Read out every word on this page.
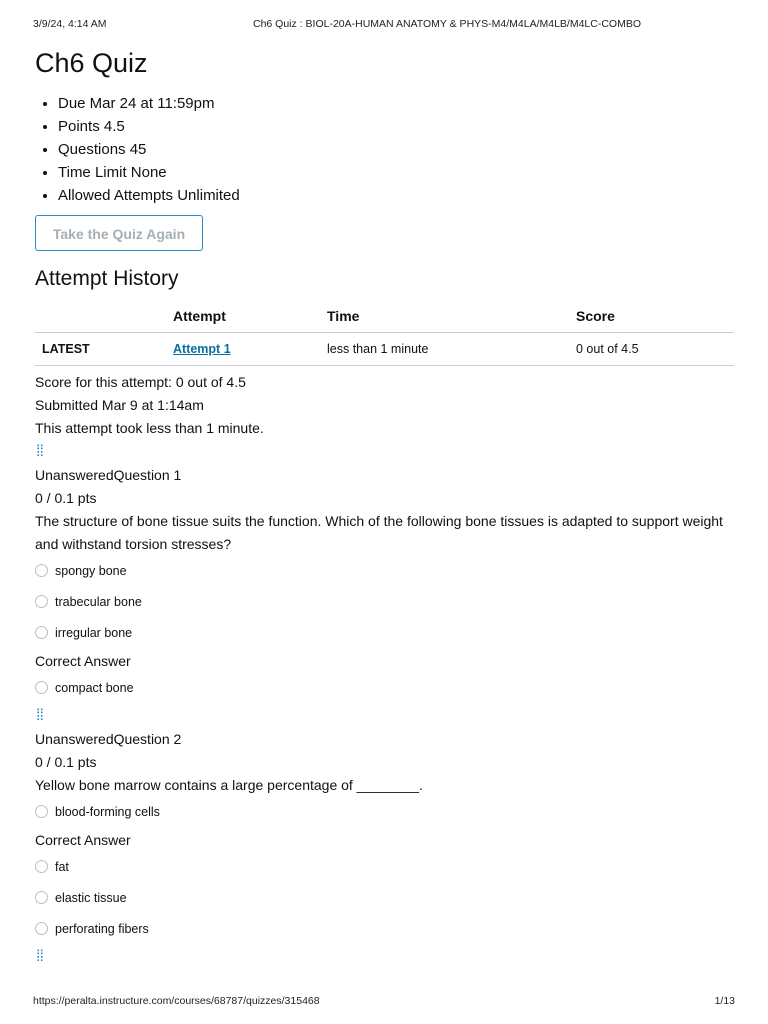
3/9/24, 4:14 AM	Ch6 Quiz : BIOL-20A-HUMAN ANATOMY & PHYS-M4/M4LA/M4LB/M4LC-COMBO
Ch6 Quiz
• Due Mar 24 at 11:59pm
• Points 4.5
• Questions 45
• Time Limit None
• Allowed Attempts Unlimited
Take the Quiz Again
Attempt History
	Attempt	Time	Score
LATEST	Attempt 1	less than 1 minute	0 out of 4.5
Score for this attempt: 0 out of 4.5
Submitted Mar 9 at 1:14am
This attempt took less than 1 minute.
⁞⁞
UnansweredQuestion 1
0 / 0.1 pts
The structure of bone tissue suits the function. Which of the following bone tissues is adapted to support weight and withstand torsion stresses?
spongy bone
trabecular bone
irregular bone
Correct Answer
compact bone
⁞⁞
UnansweredQuestion 2
0 / 0.1 pts
Yellow bone marrow contains a large percentage of ________.
blood-forming cells
Correct Answer
fat
elastic tissue
perforating fibers
⁞⁞
https://peralta.instructure.com/courses/68787/quizzes/315468	1/13
